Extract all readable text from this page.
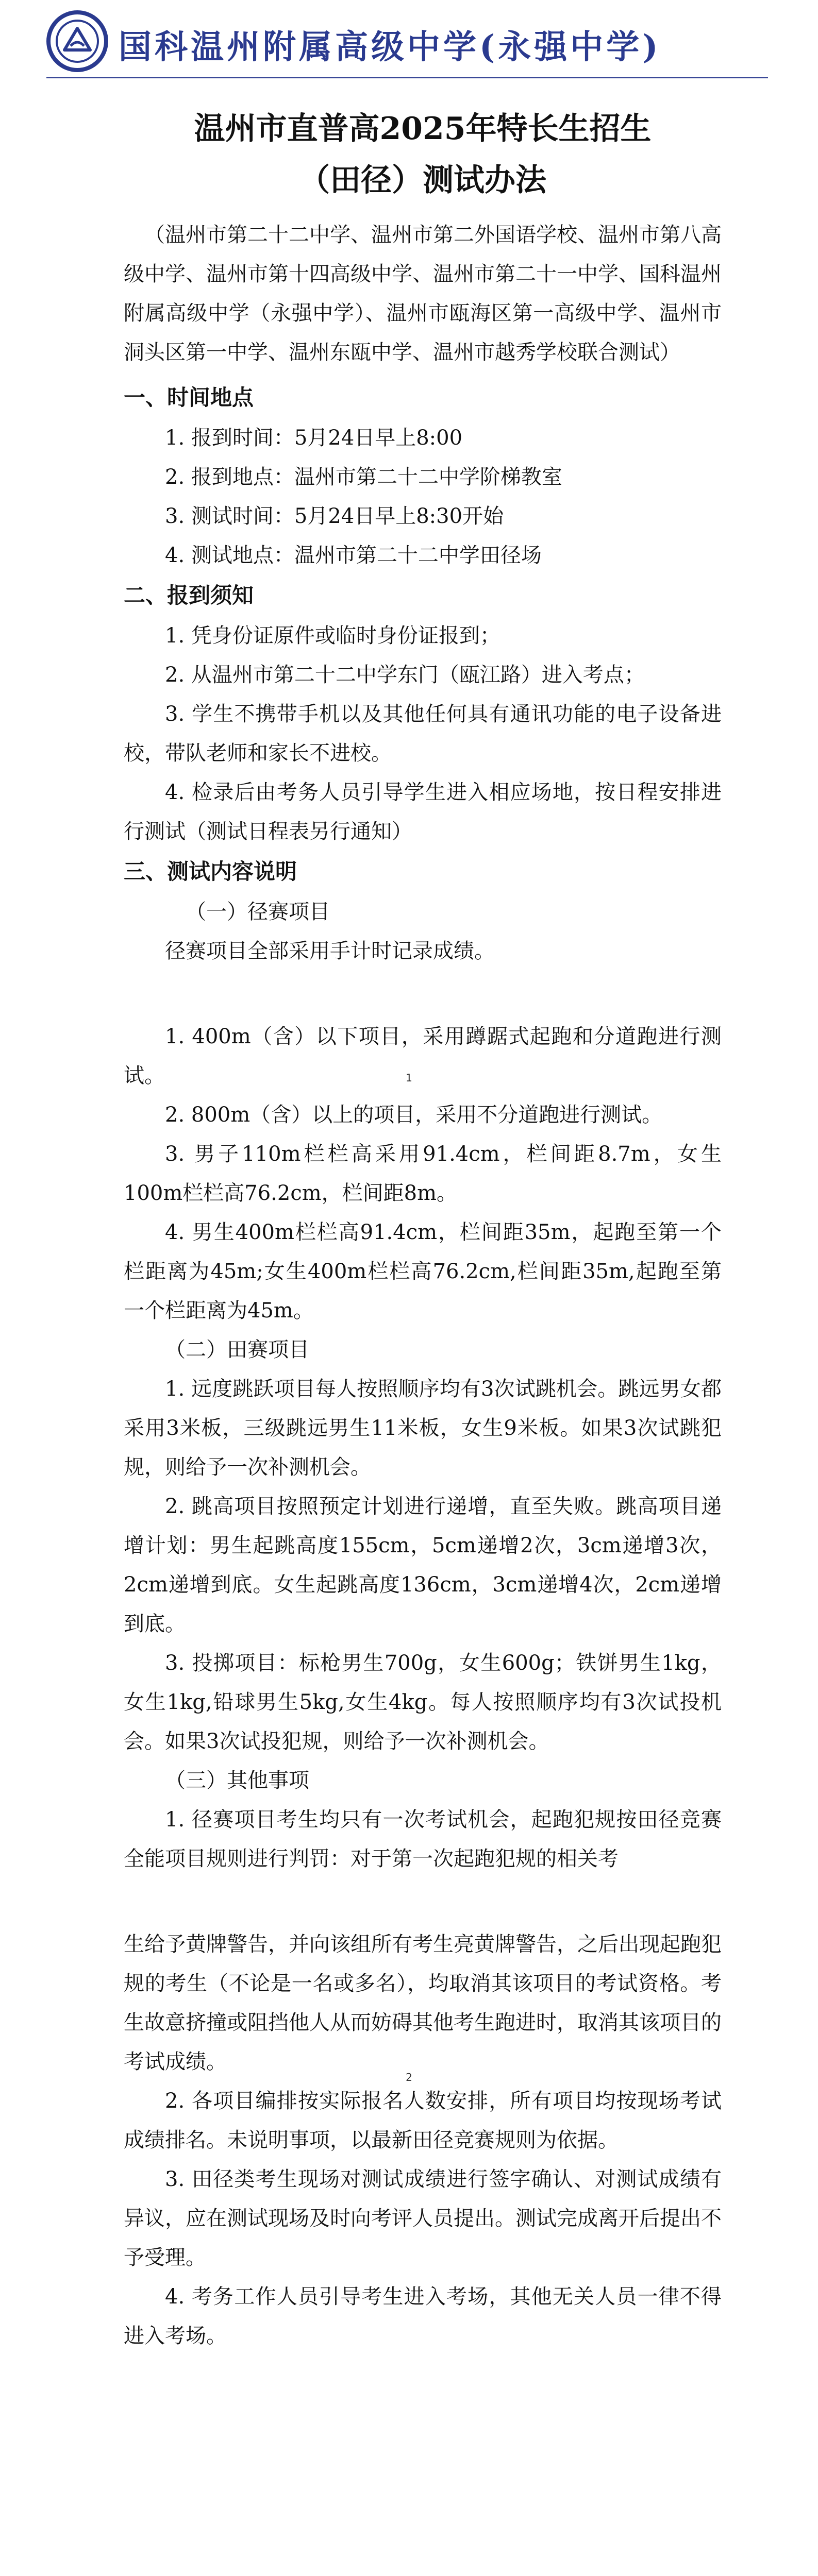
国科温州附属高级中学(永强中学)
温州市直普高2025年特长生招生
（田径）测试办法

（温州市第二十二中学、温州市第二外国语学校、温州市第八高级中学、温州市第十四高级中学、温州市第二十一中学、国科温州附属高级中学（永强中学）、温州市瓯海区第一高级中学、温州市洞头区第一中学、温州东瓯中学、温州市越秀学校联合测试）

一、时间地点

1. 报到时间：5月24日早上8:00

2. 报到地点：温州市第二十二中学阶梯教室

3. 测试时间：5月24日早上8:30开始

4. 测试地点：温州市第二十二中学田径场

二、报到须知

1. 凭身份证原件或临时身份证报到；

2. 从温州市第二十二中学东门（瓯江路）进入考点；

3. 学生不携带手机以及其他任何具有通讯功能的电子设备进校，带队老师和家长不进校。

4. 检录后由考务人员引导学生进入相应场地，按日程安排进行测试（测试日程表另行通知）

三、测试内容说明

（一）径赛项目

径赛项目全部采用手计时记录成绩。

1. 400m（含）以下项目，采用蹲踞式起跑和分道跑进行测试。

2. 800m（含）以上的项目，采用不分道跑进行测试。

3. 男子110m栏栏高采用91.4cm，栏间距8.7m，女生100m栏栏高76.2cm，栏间距8m。

4. 男生400m栏栏高91.4cm，栏间距35m，起跑至第一个栏距离为45m;女生400m栏栏高76.2cm,栏间距35m,起跑至第一个栏距离为45m。

（二）田赛项目

1. 远度跳跃项目每人按照顺序均有3次试跳机会。跳远男女都采用3米板，三级跳远男生11米板，女生9米板。如果3次试跳犯规，则给予一次补测机会。

2. 跳高项目按照预定计划进行递增，直至失败。跳高项目递增计划：男生起跳高度155cm，5cm递增2次，3cm递增3次，2cm递增到底。女生起跳高度136cm，3cm递增4次，2cm递增到底。

3. 投掷项目：标枪男生700g，女生600g；铁饼男生1kg，女生1kg,铅球男生5kg,女生4kg。每人按照顺序均有3次试投机会。如果3次试投犯规，则给予一次补测机会。

（三）其他事项

1. 径赛项目考生均只有一次考试机会，起跑犯规按田径竞赛全能项目规则进行判罚：对于第一次起跑犯规的相关考

生给予黄牌警告，并向该组所有考生亮黄牌警告，之后出现起跑犯规的考生（不论是一名或多名），均取消其该项目的考试资格。考生故意挤撞或阻挡他人从而妨碍其他考生跑进时，取消其该项目的考试成绩。

2. 各项目编排按实际报名人数安排，所有项目均按现场考试成绩排名。未说明事项，以最新田径竞赛规则为依据。

3. 田径类考生现场对测试成绩进行签字确认、对测试成绩有异议，应在测试现场及时向考评人员提出。测试完成离开后提出不予受理。

4. 考务工作人员引导考生进入考场，其他无关人员一律不得进入考场。

1
2
